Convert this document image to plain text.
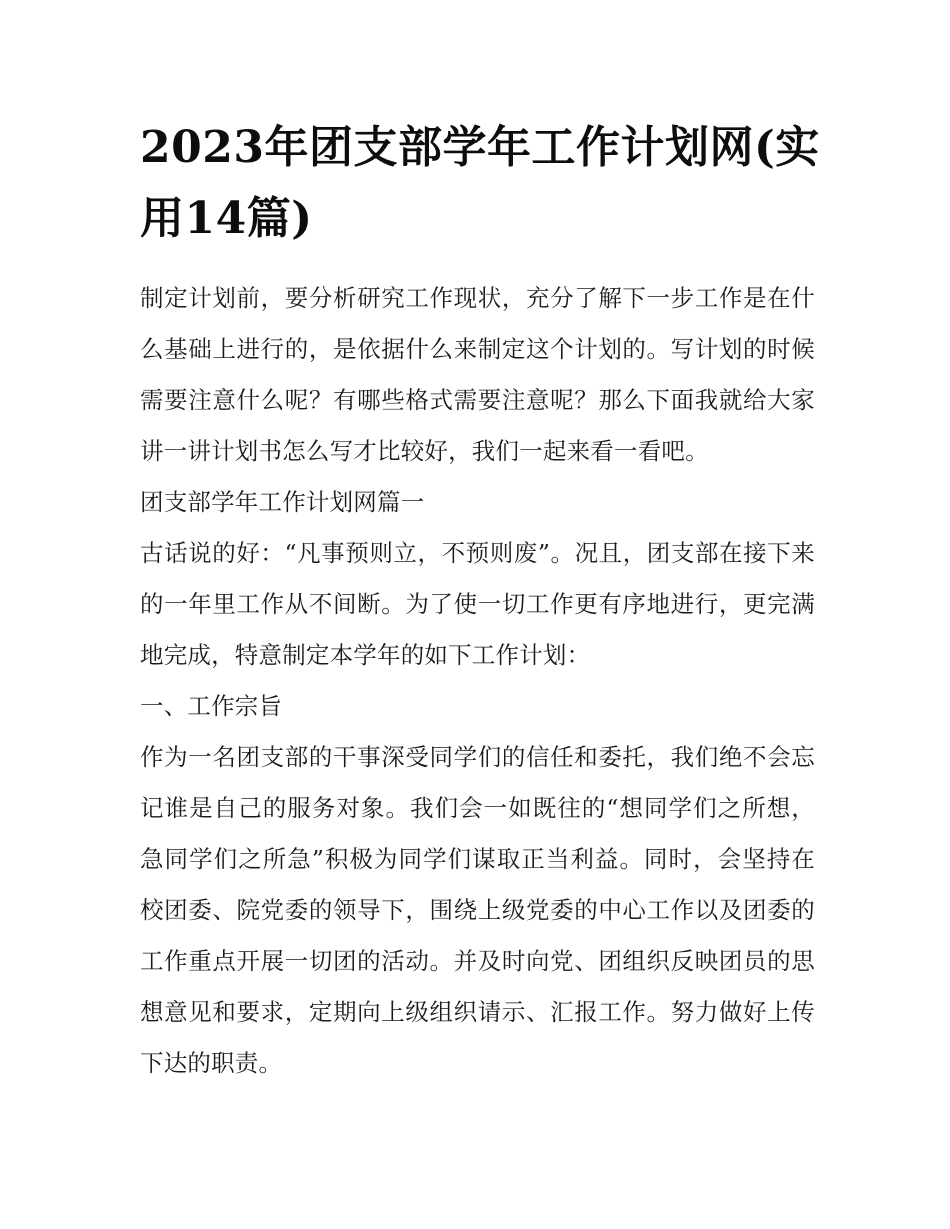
2023年团支部学年工作计划网(实用14篇)

制定计划前，要分析研究工作现状，充分了解下一步工作是在什么基础上进行的，是依据什么来制定这个计划的。写计划的时候需要注意什么呢？有哪些格式需要注意呢？那么下面我就给大家讲一讲计划书怎么写才比较好，我们一起来看一看吧。

团支部学年工作计划网篇一

古话说的好：“凡事预则立，不预则废”。况且，团支部在接下来的一年里工作从不间断。为了使一切工作更有序地进行，更完满地完成，特意制定本学年的如下工作计划：

一、工作宗旨

作为一名团支部的干事深受同学们的信任和委托，我们绝不会忘记谁是自己的服务对象。我们会一如既往的“想同学们之所想，急同学们之所急”积极为同学们谋取正当利益。同时，会坚持在校团委、院党委的领导下，围绕上级党委的中心工作以及团委的工作重点开展一切团的活动。并及时向党、团组织反映团员的思想意见和要求，定期向上级组织请示、汇报工作。努力做好上传下达的职责。
